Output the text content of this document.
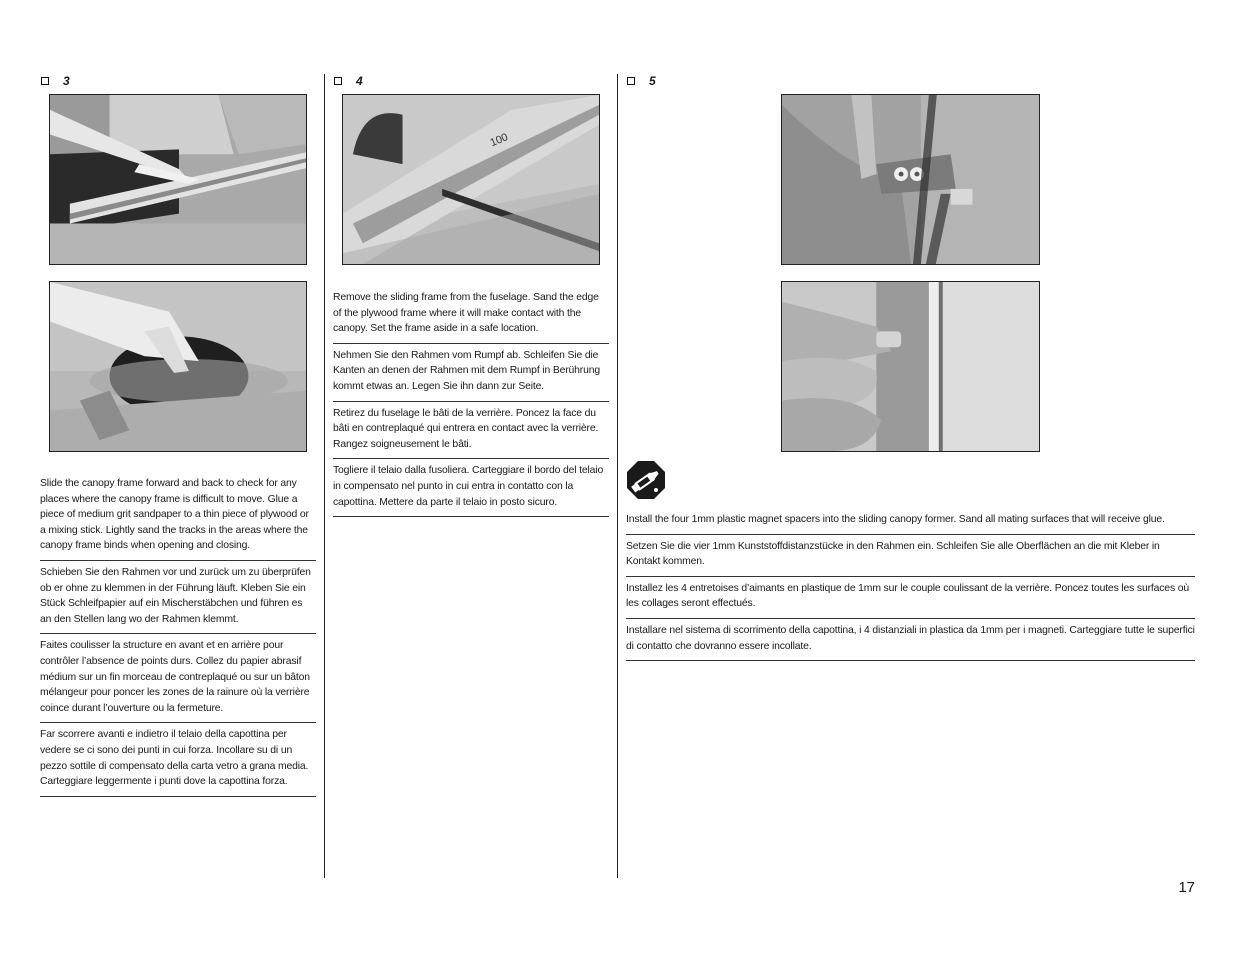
3

Slide the canopy frame forward and back to check for any places where the canopy frame is difficult to move. Glue a piece of medium grit sandpaper to a thin piece of plywood or a mixing stick. Lightly sand the tracks in the areas where the canopy frame binds when opening and closing.

Schieben Sie den Rahmen vor und zurück um zu überprüfen ob er ohne zu klemmen in der Führung läuft. Kleben Sie ein Stück Schleifpapier auf ein Mischerstäbchen und führen es an den Stellen lang wo der Rahmen klemmt.

Faites coulisser la structure en avant et en arrière pour contrôler l’absence de points durs. Collez du papier abrasif médium sur un fin morceau de contreplaqué ou sur un bâton mélangeur pour poncer les zones de la rainure où la verrière coince durant l’ouverture ou la fermeture.

Far scorrere avanti e indietro il telaio della capottina per vedere se ci sono dei punti in cui forza. Incollare su di un pezzo sottile di compensato della carta vetro a grana media. Carteggiare leggermente i punti dove la capottina forza.

4
100

Remove the sliding frame from the fuselage. Sand the edge of the plywood frame where it will make contact with the canopy. Set the frame aside in a safe location.

Nehmen Sie den Rahmen vom Rumpf ab. Schleifen Sie die Kanten an denen der Rahmen mit dem Rumpf in Berührung kommt etwas an. Legen Sie ihn dann zur Seite.

Retirez du fuselage le bâti de la verrière. Poncez la face du bâti en contreplaqué qui entrera en contact avec la verrière. Rangez soigneusement le bâti.

Togliere il telaio dalla fusoliera. Carteggiare il bordo del telaio in compensato nel punto in cui entra in contatto con la capottina. Mettere da parte il telaio in posto sicuro.

5

Install the four 1mm plastic magnet spacers into the sliding canopy former. Sand all mating surfaces that will receive glue.

Setzen Sie die vier 1mm Kunststoffdistanzstücke in den Rahmen ein. Schleifen Sie alle Oberflächen an die mit Kleber in Kontakt kommen.

Installez les 4 entretoises d’aimants en plastique de 1mm sur le couple coulissant de la verrière. Poncez toutes les surfaces où les collages seront effectués.

Installare nel sistema di scorrimento della capottina, i 4 distanziali in plastica da 1mm per i magneti. Carteggiare tutte le superfici di contatto che dovranno essere incollate.

17
